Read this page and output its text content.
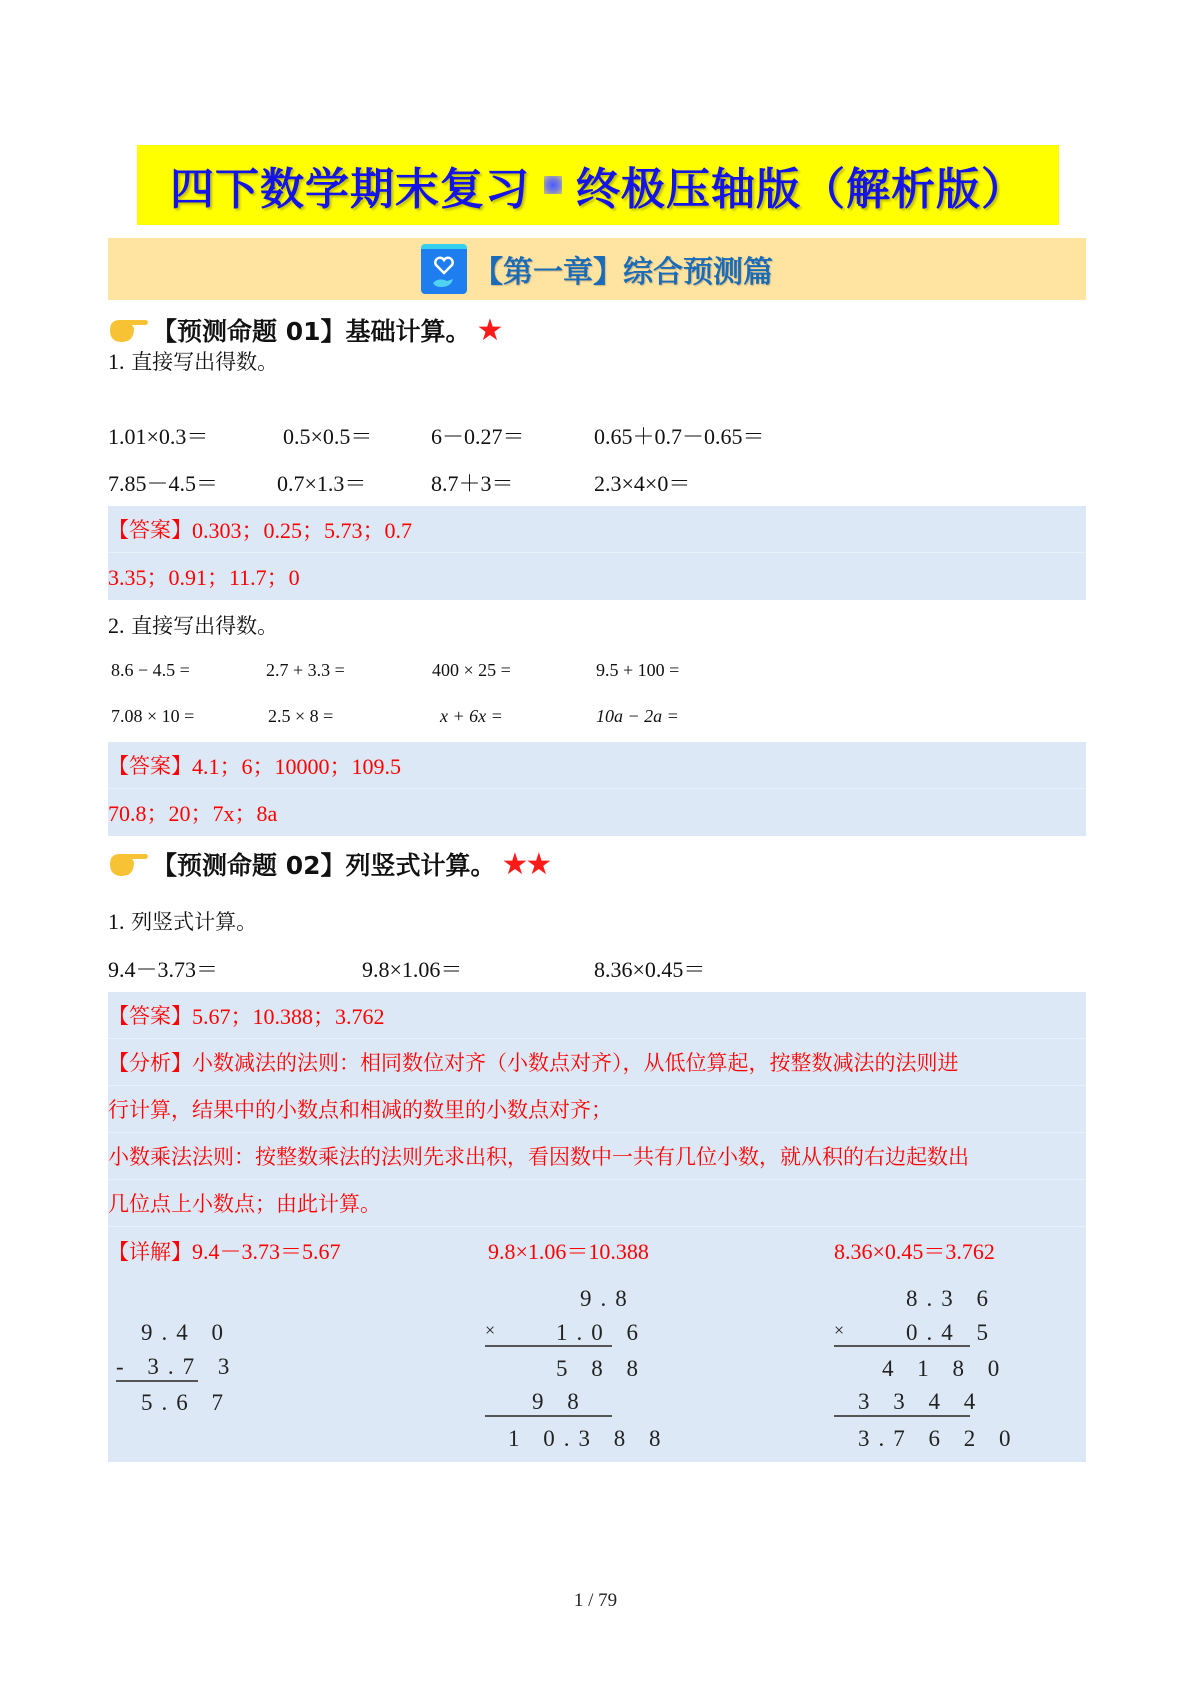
四下数学期末复习 终极压轴版（解析版）
【第一章】综合预测篇
【预测命题 01】基础计算。 ★
1. 直接写出得数。
1.01×0.3＝	0.5×0.5＝	6－0.27＝	0.65＋0.7－0.65＝
7.85－4.5＝	0.7×1.3＝	8.7＋3＝	2.3×4×0＝
【答案】 0.303；0.25；5.73；0.7
3.35；0.91；11.7；0
2. 直接写出得数。
8.6 − 4.5 =	2.7 + 3.3 =	400 × 25 =	9.5 + 100 =
7.08 × 10 =	2.5 × 8 =	x + 6x =	10a − 2a =
【答案】 4.1；6；10000；109.5
70.8；20；7x；8a
【预测命题 02】列竖式计算。 ★★
1. 列竖式计算。
9.4－3.73＝	9.8×1.06＝	8.36×0.45＝
【答案】 5.67；10.388；3.762
【分析】 小数减法的法则：相同数位对齐（小数点对齐），从低位算起，按整数减法的法则进
行计算，结果中的小数点和相减的数里的小数点对齐；
小数乘法法则：按整数乘法的法则先求出积，看因数中一共有几位小数，就从积的右边起数出
几位点上小数点；由此计算。
【详解】 9.4－3.73＝5.67	9.8×1.06＝10.388	8.36×0.45＝3.762
9.4 0
- 3.7 3
5.6 7
9.8
× 1.0 6
5 8 8
9 8
1 0.3 8 8
8.3 6
× 0.4 5
4 1 8 0
3 3 4 4
3.7 6 2 0
1 / 79
